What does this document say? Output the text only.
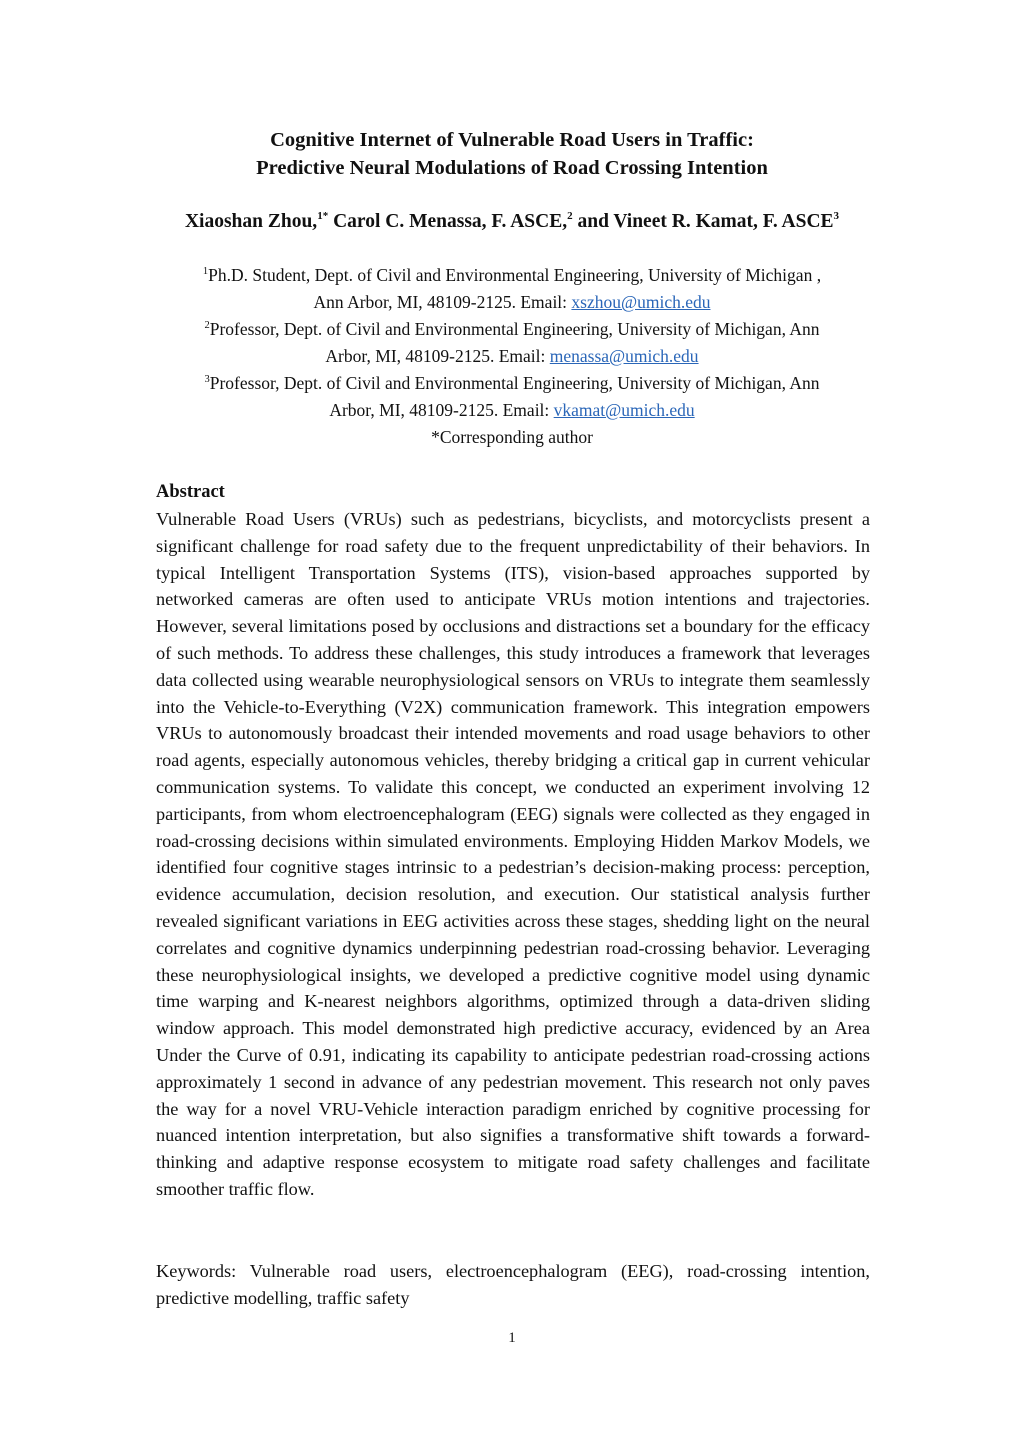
Cognitive Internet of Vulnerable Road Users in Traffic:
Predictive Neural Modulations of Road Crossing Intention
Xiaoshan Zhou,$^{1*}$ Carol C. Menassa, F. ASCE,$^2$ and Vineet R. Kamat, F. ASCE$^3$
$^1$Ph.D. Student, Dept. of Civil and Environmental Engineering, University of Michigan ,
Ann Arbor, MI, 48109-2125. Email: xszhou@umich.edu
$^2$Professor, Dept. of Civil and Environmental Engineering, University of Michigan, Ann
Arbor, MI, 48109-2125. Email: menassa@umich.edu
$^3$Professor, Dept. of Civil and Environmental Engineering, University of Michigan, Ann
Arbor, MI, 48109-2125. Email: vkamat@umich.edu
*Corresponding author
Abstract
Vulnerable Road Users (VRUs) such as pedestrians, bicyclists, and motorcyclists present a significant challenge for road safety due to the frequent unpredictability of their behaviors. In typical Intelligent Transportation Systems (ITS), vision-based approaches supported by networked cameras are often used to anticipate VRUs motion intentions and trajectories. However, several limitations posed by occlusions and distractions set a boundary for the efficacy of such methods. To address these challenges, this study introduces a framework that leverages data collected using wearable neurophysiological sensors on VRUs to integrate them seamlessly into the Vehicle-to-Everything (V2X) communication framework. This integration empowers VRUs to autonomously broadcast their intended movements and road usage behaviors to other road agents, especially autonomous vehicles, thereby bridging a critical gap in current vehicular communication systems. To validate this concept, we conducted an experiment involving 12 participants, from whom electroencephalogram (EEG) signals were collected as they engaged in road-crossing decisions within simulated environments. Employing Hidden Markov Models, we identified four cognitive stages intrinsic to a pedestrian’s decision-making process: perception, evidence accumulation, decision resolution, and execution. Our statistical analysis further revealed significant variations in EEG activities across these stages, shedding light on the neural correlates and cognitive dynamics underpinning pedestrian road-crossing behavior. Leveraging these neurophysiological insights, we developed a predictive cognitive model using dynamic time warping and K-nearest neighbors algorithms, optimized through a data-driven sliding window approach. This model demonstrated high predictive accuracy, evidenced by an Area Under the Curve of 0.91, indicating its capability to anticipate pedestrian road-crossing actions approximately 1 second in advance of any pedestrian movement. This research not only paves the way for a novel VRU-Vehicle interaction paradigm enriched by cognitive processing for nuanced intention interpretation, but also signifies a transformative shift towards a forward-thinking and adaptive response ecosystem to mitigate road safety challenges and facilitate smoother traffic flow.
Keywords: Vulnerable road users, electroencephalogram (EEG), road-crossing intention, predictive modelling, traffic safety
1
